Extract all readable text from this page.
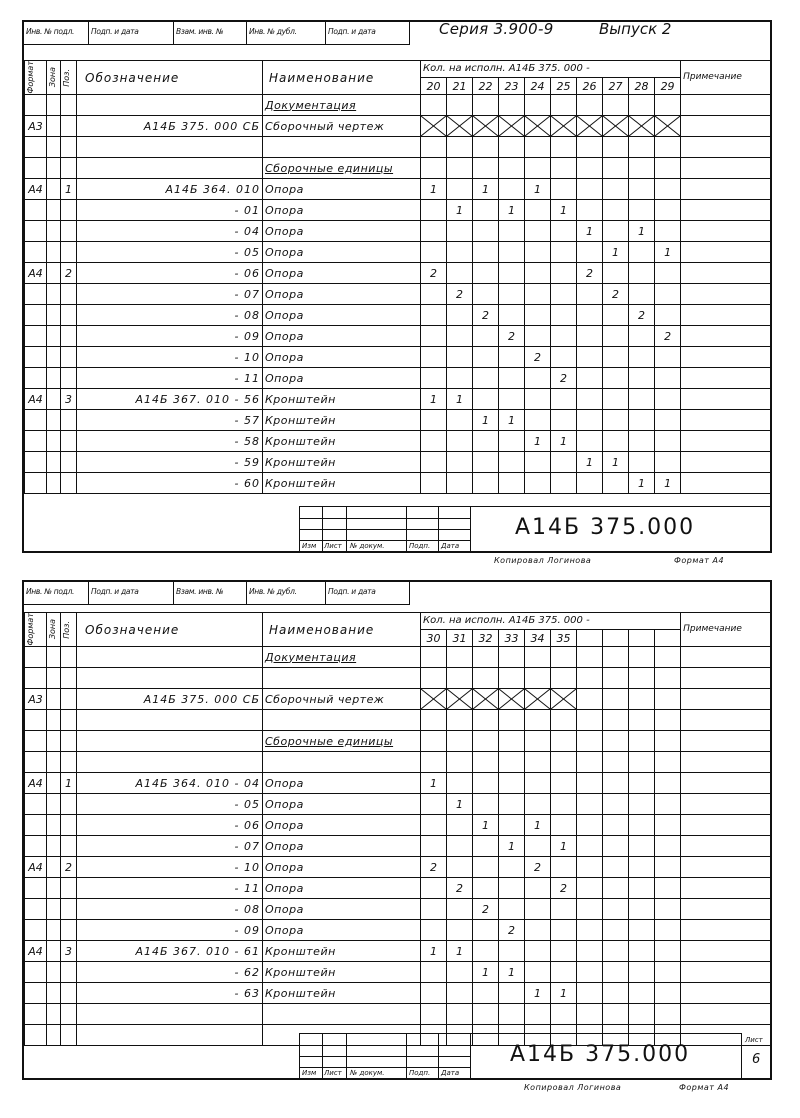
Инв. № подл.	Подп. и дата	Взам. инв. №	Инв. № дубл.	Подп. и дата	Серия 3.900-9	Выпуск 2
Формат	Зона	Поз.	Обозначение	Наименование	Кол. на исполн. А14Б 375. 000 -										Примечание
					20	21	22	23	24	25	26	27	28	29	
				Документация											
А3			А14Б 375. 000 СБ	Сборочный чертеж	

				Сборочные единицы											
А4		1	А14Б 364. 010	Опора	1		1		1						
			- 01	Опора		1		1		1					
			- 04	Опора							1		1		
			- 05	Опора								1		1	
А4		2	- 06	Опора	2						2				
			- 07	Опора		2						2			
			- 08	Опора			2						2		
			- 09	Опора				2						2	
			- 10	Опора					2						
			- 11	Опора						2					
А4		3	А14Б 367. 010 - 56	Кронштейн	1	1									
			- 57	Кронштейн			1	1							
			- 58	Кронштейн					1	1					
			- 59	Кронштейн							1	1			
			- 60	Кронштейн									1	1	
Изм Лист № докум.	Подп. Дата
А14Б 375.000
Копировал Логинова	Формат А4
Инв. № подл.	Подп. и дата	Взам. инв. №	Инв. № дубл.	Подп. и дата
Формат	Зона	Поз.	Обозначение	Наименование	Кол. на исполн. А14Б 375. 000 -										Примечание
					30	31	32	33	34	35					
				Документация											

А3			А14Б 375. 000 СБ	Сборочный чертеж	

				Сборочные единицы											

А4		1	А14Б 364. 010 - 04	Опора	1										
			- 05	Опора		1									
			- 06	Опора			1		1						
			- 07	Опора				1		1					
А4		2	- 10	Опора	2				2						
			- 11	Опора		2				2					
			- 08	Опора			2								
			- 09	Опора				2							
А4		3	А14Б 367. 010 - 61	Кронштейн	1	1									
			- 62	Кронштейн			1	1							
			- 63	Кронштейн					1	1					

Изм Лист № докум.	Подп. Дата
А14Б 375.000
Лист
6
Копировал Логинова	Формат А4
